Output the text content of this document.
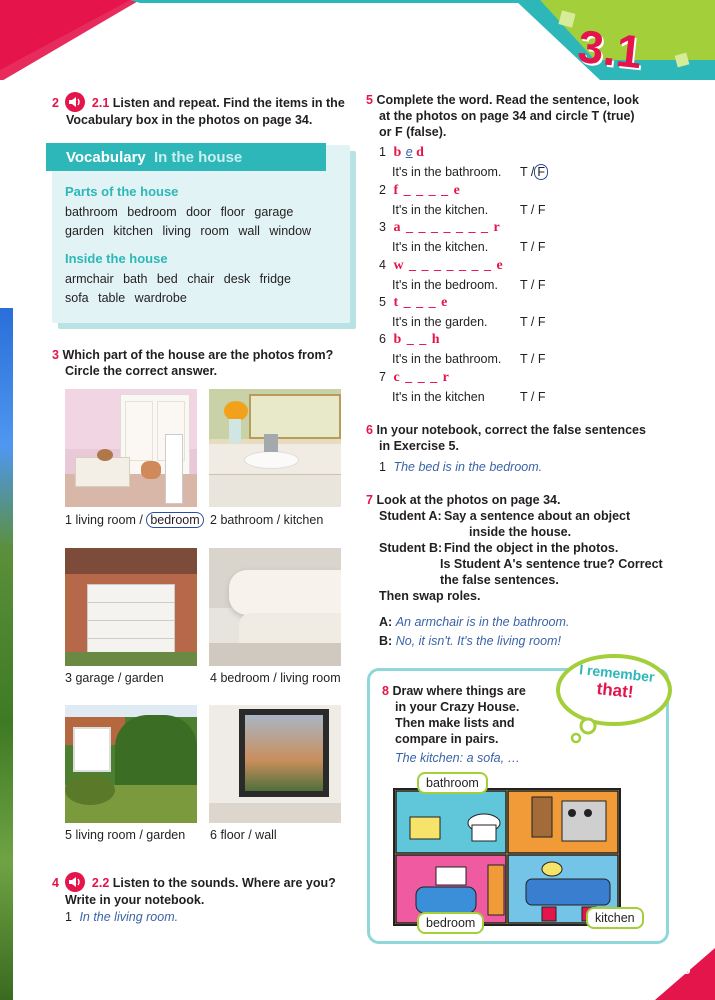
3.1
35
2	2.1 Listen and repeat. Find the items in the
Vocabulary box in the photos on page 34.
Vocabulary In the house
Parts of the house
bathroom bedroom door floor garage
garden kitchen living room wall window
Inside the house
armchair bath bed chair desk fridge
sofa table wardrobe
3 Which part of the house are the photos from?
Circle the correct answer.
1 living room / bedroom 2 bathroom / kitchen
3 garage / garden	4 bedroom / living room
5 living room / garden 6 floor / wall
4	2.2 Listen to the sounds. Where are you?
Write in your notebook.
1 In the living room.
5 Complete the word. Read the sentence, look
at the photos on page 34 and circle T (true)
or F (false).
1 b e d
It's in the bathroom. T / F
2 f _ _ _ _ e
It's in the kitchen.	T / F
3 a _ _ _ _ _ _ _ r
It's in the kitchen.	T / F
4 w _ _ _ _ _ _ _ e
It's in the bedroom. T / F
5 t _ _ _ e
It's in the garden.	T / F
6 b _ _ h
It's in the bathroom. T / F
7 c _ _ _ r
It's in the kitchen	T / F
6 In your notebook, correct the false sentences
in Exercise 5.
1 The bed is in the bedroom.
7 Look at the photos on page 34.
Student A: Say a sentence about an object
inside the house.
Student B: Find the object in the photos.
Is Student A's sentence true? Correct
the false sentences.
Then swap roles.
A: An armchair is in the bathroom.
B: No, it isn't. It's the living room!
I remember
that!
8 Draw where things are
in your Crazy House.
Then make lists and
compare in pairs.
The kitchen: a sofa, …
bathroom
bedroom	kitchen
